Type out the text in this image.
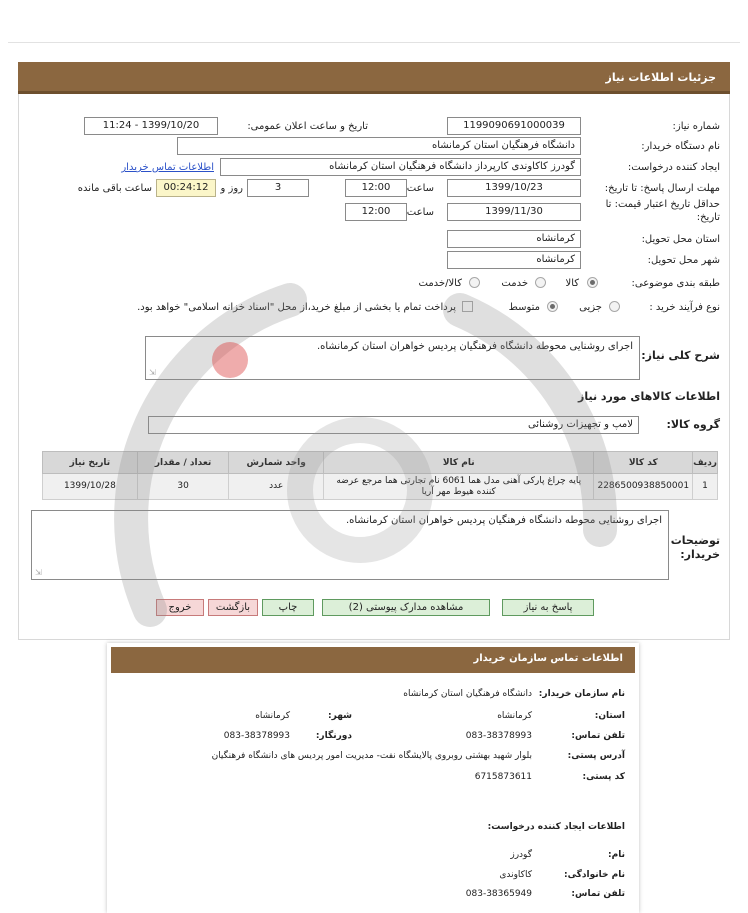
جزئیات اطلاعات نیاز
شماره نیاز:
1199090691000039
تاریخ و ساعت اعلان عمومی:
1399/10/20 - 11:24
نام دستگاه خریدار:
دانشگاه فرهنگیان استان کرمانشاه
ایجاد کننده درخواست:
گودرز کاکاوندی کارپرداز دانشگاه فرهنگیان استان کرمانشاه
اطلاعات تماس خریدار
مهلت ارسال پاسخ: تا تاریخ:
1399/10/23
ساعت
12:00
3
روز و
00:24:12
ساعت باقی مانده
حداقل تاریخ اعتبار قیمت: تا
تاریخ:
1399/11/30
ساعت
12:00
استان محل تحویل:
کرمانشاه
شهر محل تحویل:
کرمانشاه
طبقه بندی موضوعی:
کالا
خدمت
کالا/خدمت
نوع فرآیند خرید :
جزیی
متوسط
پرداخت تمام یا بخشی از مبلغ خرید،از محل "اسناد خزانه اسلامی" خواهد بود.
شرح کلی نیاز:
اجرای روشنایی محوطه دانشگاه فرهنگیان پردیس خواهران استان کرمانشاه.
⇲
اطلاعات کالاهای مورد نیاز
گروه کالا:
لامپ و تجهیزات روشنائی
ردیف	کد کالا	نام کالا	واحد شمارش	تعداد / مقدار	تاریخ نیاز
1	2286500938850001	پایه چراغ پارکی آهنی مدل هما 6061 نام تجارتی هما مرجع عرضه کننده هیوط مهر آریا	عدد	30	1399/10/28
توضیحات
خریدار:
اجرای روشنایی محوطه دانشگاه فرهنگیان پردیس خواهران استان کرمانشاه.
⇲
پاسخ به نیاز
مشاهده مدارک پیوستی (2)
چاپ
بازگشت
خروج
اطلاعات تماس سازمان خریدار
نام سازمان خریدار:
دانشگاه فرهنگیان استان کرمانشاه
استان:
کرمانشاه
شهر:
کرمانشاه
تلفن تماس:
083-38378993
دورنگار:
083-38378993
آدرس پستی:
بلوار شهید بهشتی روبروی پالایشگاه نفت- مدیریت امور پردیس های دانشگاه فرهنگیان
کد پستی:
6715873611
اطلاعات ایجاد کننده درخواست:
نام:
گودرز
نام خانوادگی:
کاکاوندی
تلفن تماس:
083-38365949
